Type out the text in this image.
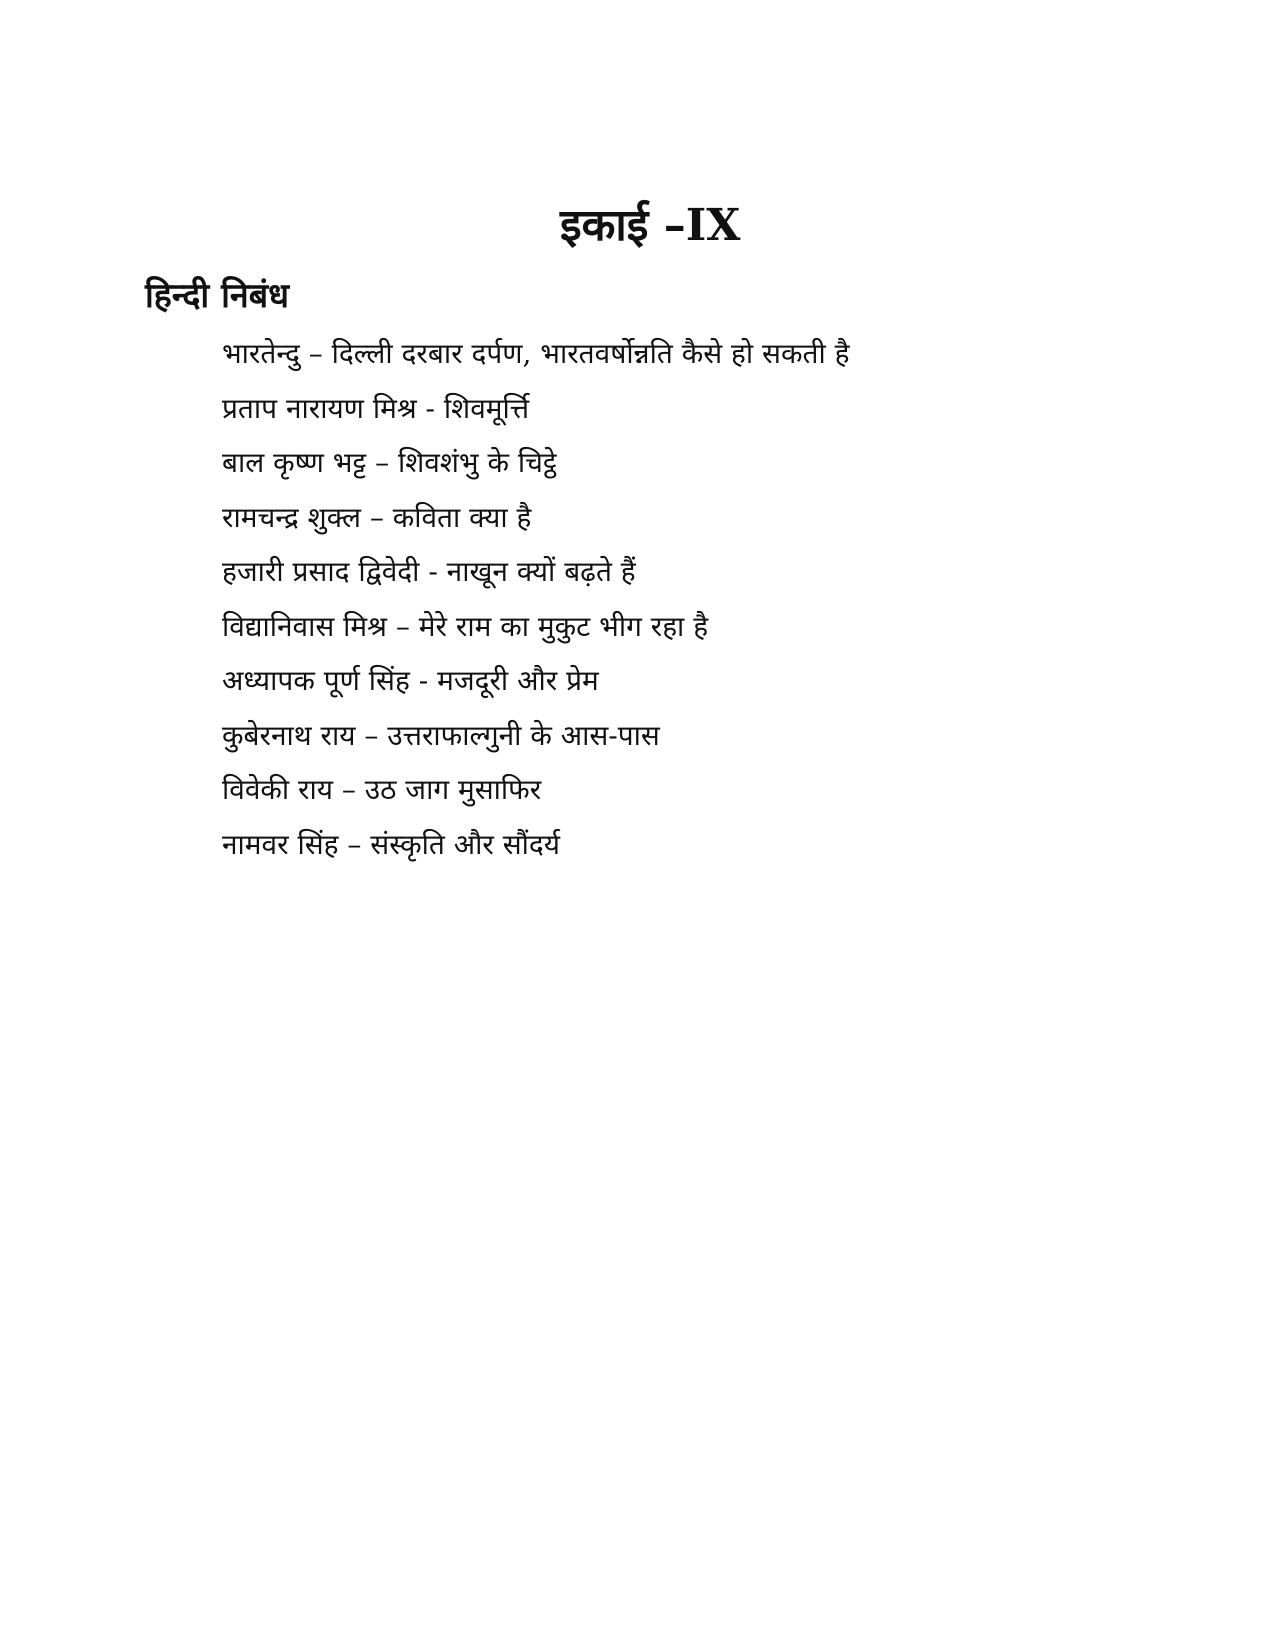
इकाई –IX
हिन्दी निबंध
भारतेन्दु – दिल्ली दरबार दर्पण, भारतवर्षोन्नति कैसे हो सकती है
प्रताप नारायण मिश्र - शिवमूर्त्ति
बाल कृष्ण भट्ट – शिवशंभु के चिट्ठे
रामचन्द्र शुक्ल – कविता क्या है
हजारी प्रसाद द्विवेदी - नाखून क्यों बढ़ते हैं
विद्यानिवास मिश्र – मेरे राम का मुकुट भीग रहा है
अध्यापक पूर्ण सिंह - मजदूरी और प्रेम
कुबेरनाथ राय – उत्तराफाल्गुनी के आस-पास
विवेकी राय – उठ जाग मुसाफिर
नामवर सिंह – संस्कृति और सौंदर्य
